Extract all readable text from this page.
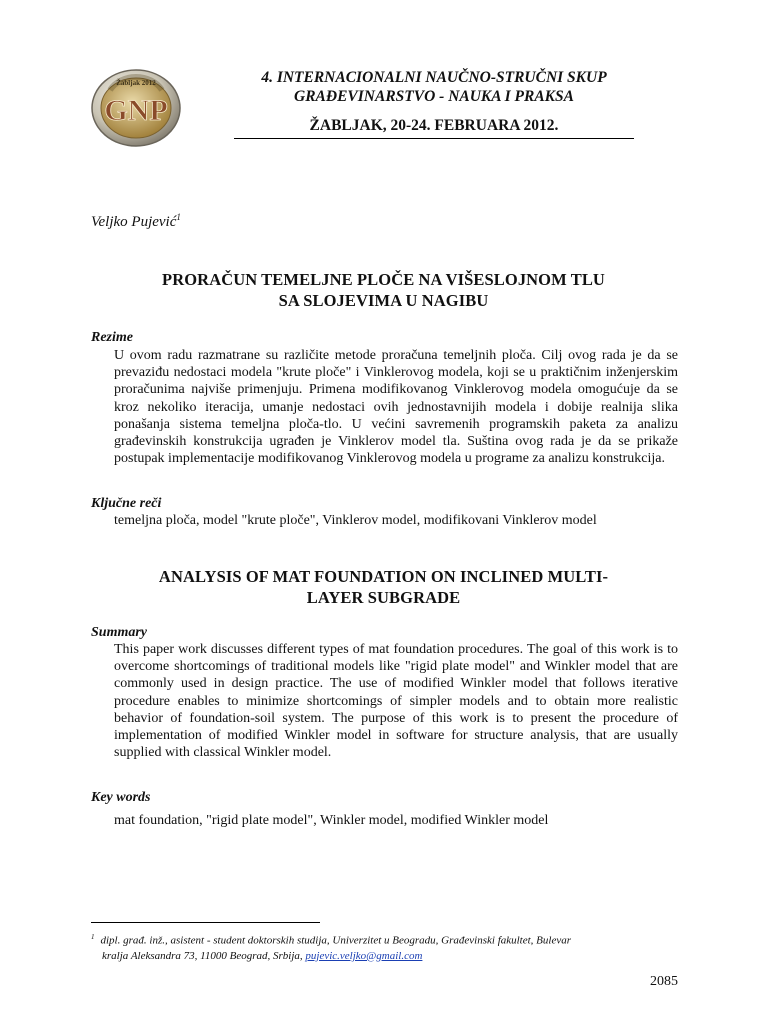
Žabljak 2012
GNP
4. INTERNACIONALNI NAUČNO-STRUČNI SKUP
GRAĐEVINARSTVO - NAUKA I PRAKSA
ŽABLJAK, 20-24. FEBRUARA 2012.
Veljko Pujević$^1$
PRORAČUN TEMELJNE PLOČE NA VIŠESLOJNOM TLU
SA SLOJEVIMA U NAGIBU
Rezime
U ovom radu razmatrane su različite metode proračuna temeljnih ploča. Cilj ovog rada je da se prevaziđu nedostaci modela "krute ploče" i Vinklerovog modela, koji se u praktičnim inženjerskim proračunima najviše primenjuju. Primena modifikovanog Vinklerovog modela omogućuje da se kroz nekoliko iteracija, umanje nedostaci ovih jednostavnijih modela i dobije realnija slika ponašanja sistema temeljna ploča-tlo. U većini savremenih programskih paketa za analizu građevinskih konstrukcija ugrađen je Vinklerov model tla. Suština ovog rada je da se prikaže postupak implementacije modifikovanog Vinklerovog modela u programe za analizu konstrukcija.
Ključne reči
temeljna ploča, model "krute ploče", Vinklerov model, modifikovani Vinklerov model
ANALYSIS OF MAT FOUNDATION ON INCLINED MULTI-
LAYER SUBGRADE
Summary
This paper work discusses different types of mat foundation procedures. The goal of this work is to overcome shortcomings of traditional models like "rigid plate model" and Winkler model that are commonly used in design practice. The use of modified Winkler model that follows iterative procedure enables to minimize shortcomings of simpler models and to obtain more realistic behavior of foundation-soil system. The purpose of this work is to present the procedure of implementation of modified Winkler model in software for structure analysis, that are usually supplied with classical Winkler model.
Key words
mat foundation, "rigid plate model", Winkler model, modified Winkler model
$^1$ dipl. građ. inž., asistent - student doktorskih studija, Univerzitet u Beogradu, Građevinski fakultet, Bulevar
kralja Aleksandra 73, 11000 Beograd, Srbija, pujevic.veljko@gmail.com
2085
